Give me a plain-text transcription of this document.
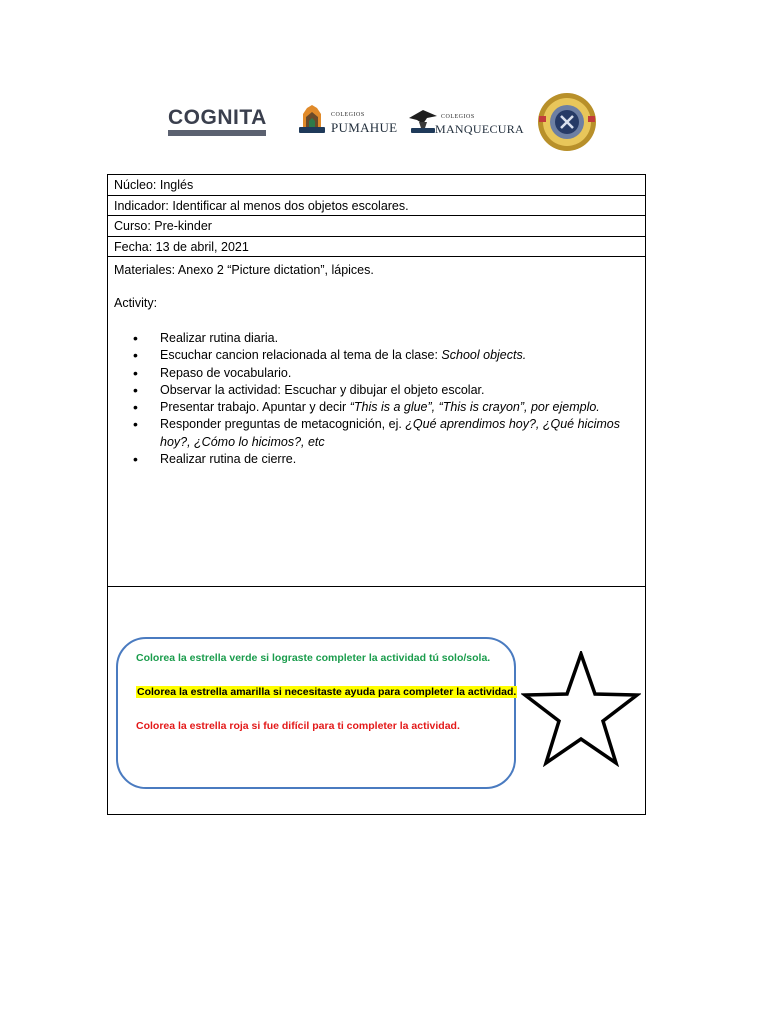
COGNITA	COLEGIOS
PUMAHUE
COLEGIOS
MANQUECURA
Núcleo: Inglés
Indicador: Identificar al menos dos objetos escolares.
Curso: Pre-kinder
Fecha: 13 de abril, 2021

Materiales: Anexo 2 “Picture dictation”, lápices.

Activity:

• Realizar rutina diaria.
• Escuchar cancion relacionada al tema de la clase: School objects.
• Repaso de vocabulario.
• Observar la actividad: Escuchar y dibujar el objeto escolar.
• Presentar trabajo. Apuntar y decir “This is a glue”, “This is crayon”, por ejemplo.
• Responder preguntas de metacognición, ej. ¿Qué aprendimos hoy?, ¿Qué hicimos hoy?, ¿Cómo lo hicimos?, etc
• Realizar rutina de cierre.
Colorea la estrella verde si lograste completer la actividad tú solo/sola.
Colorea la estrella amarilla si necesitaste ayuda para completer la actividad.
Colorea la estrella roja si fue difícil para ti completer la actividad.
